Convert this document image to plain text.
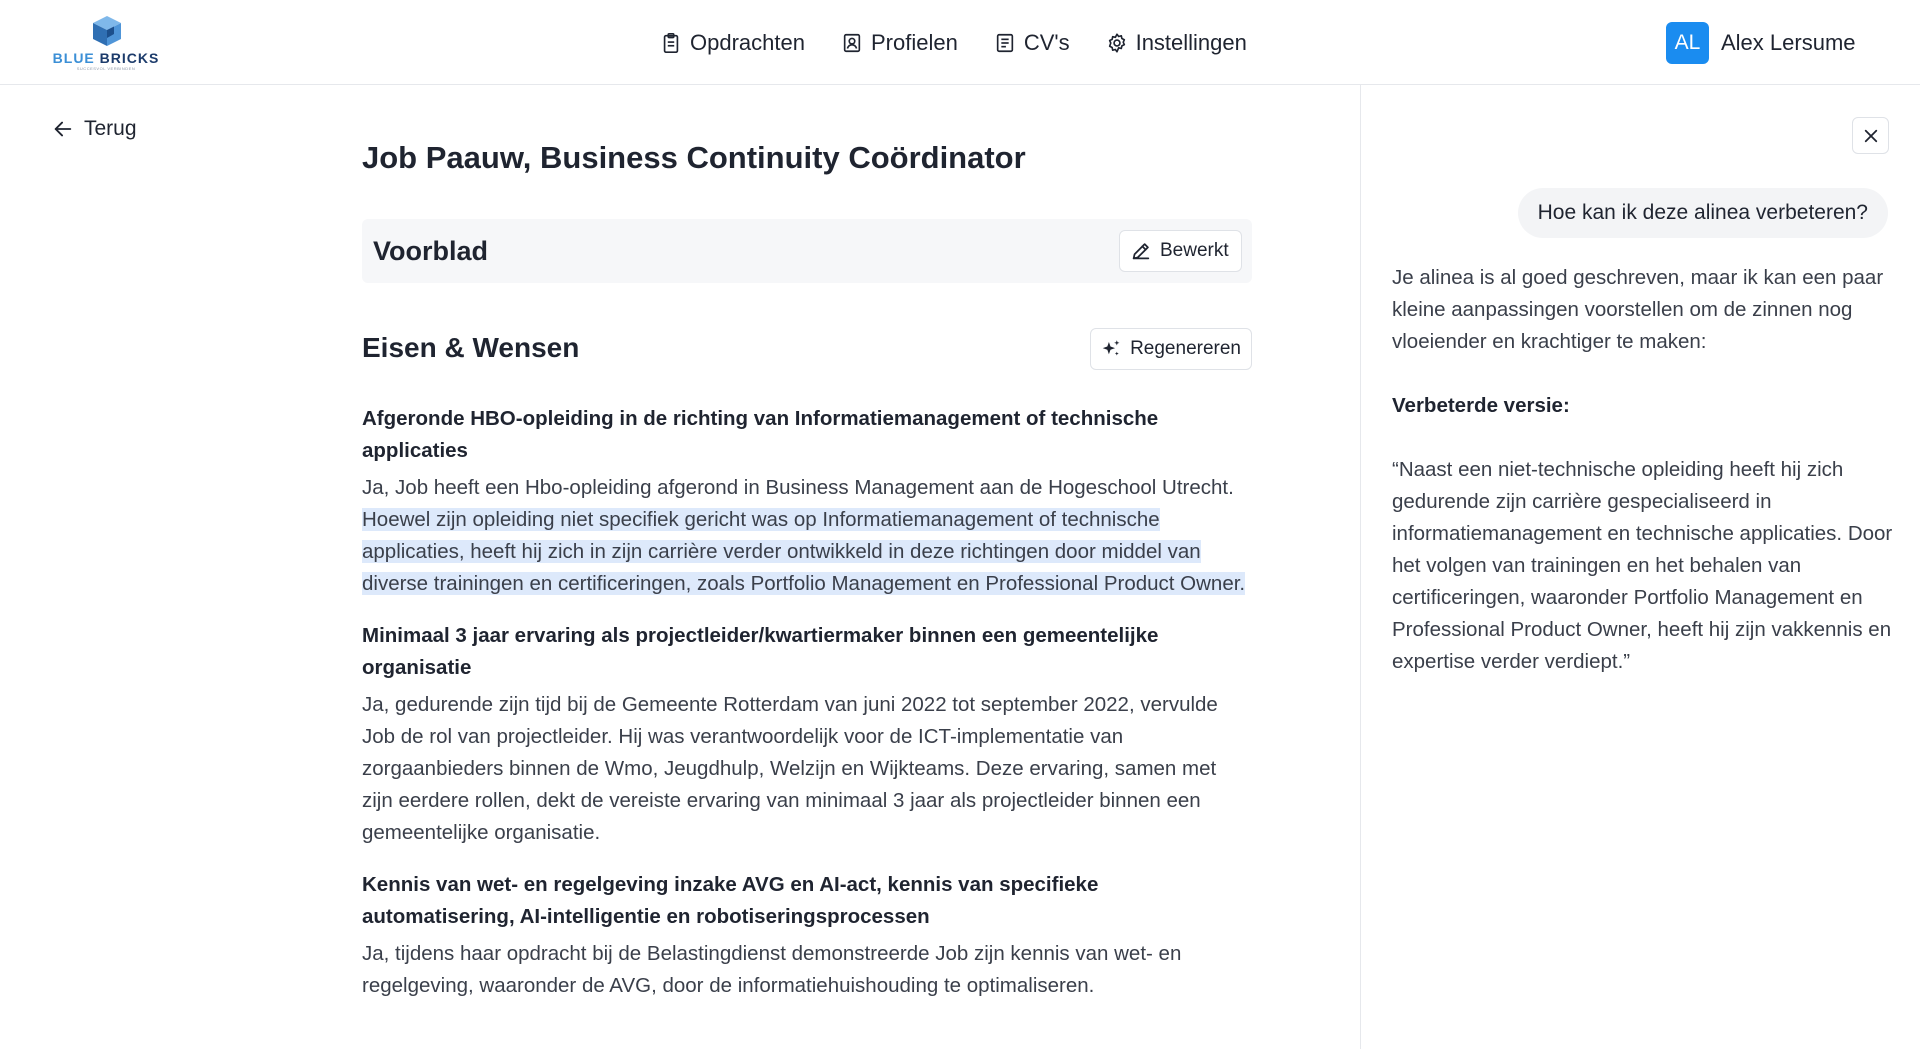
BLUE BRICKS
SUCCESVOL VERBINDEN
Opdrachten	Profielen	CV's	Instellingen	AL Alex Lersume
Terug
Job Paauw, Business Continuity Coördinator
Voorblad	Bewerkt
Eisen & Wensen	Regenereren
Afgeronde HBO-opleiding in de richting van Informatiemanagement of technische applicaties
Ja, Job heeft een Hbo-opleiding afgerond in Business Management aan de Hogeschool Utrecht. Hoewel zijn opleiding niet specifiek gericht was op Informatiemanagement of technische applicaties, heeft hij zich in zijn carrière verder ontwikkeld in deze richtingen door middel van diverse trainingen en certificeringen, zoals Portfolio Management en Professional Product Owner.
Minimaal 3 jaar ervaring als projectleider/kwartiermaker binnen een gemeentelijke organisatie
Ja, gedurende zijn tijd bij de Gemeente Rotterdam van juni 2022 tot september 2022, vervulde Job de rol van projectleider. Hij was verantwoordelijk voor de ICT-implementatie van zorgaanbieders binnen de Wmo, Jeugdhulp, Welzijn en Wijkteams. Deze ervaring, samen met zijn eerdere rollen, dekt de vereiste ervaring van minimaal 3 jaar als projectleider binnen een gemeentelijke organisatie.
Kennis van wet- en regelgeving inzake AVG en AI-act, kennis van specifieke automatisering, AI-intelligentie en robotiseringsprocessen
Ja, tijdens haar opdracht bij de Belastingdienst demonstreerde Job zijn kennis van wet- en regelgeving, waaronder de AVG, door de informatiehuishouding te optimaliseren.
Hoe kan ik deze alinea verbeteren?

Je alinea is al goed geschreven, maar ik kan een paar kleine aanpassingen voorstellen om de zinnen nog vloeiender en krachtiger te maken:

Verbeterde versie:

“Naast een niet-technische opleiding heeft hij zich gedurende zijn carrière gespecialiseerd in informatiemanagement en technische applicaties. Door het volgen van trainingen en het behalen van certificeringen, waaronder Portfolio Management en Professional Product Owner, heeft hij zijn vakkennis en expertise verder verdiept.”
